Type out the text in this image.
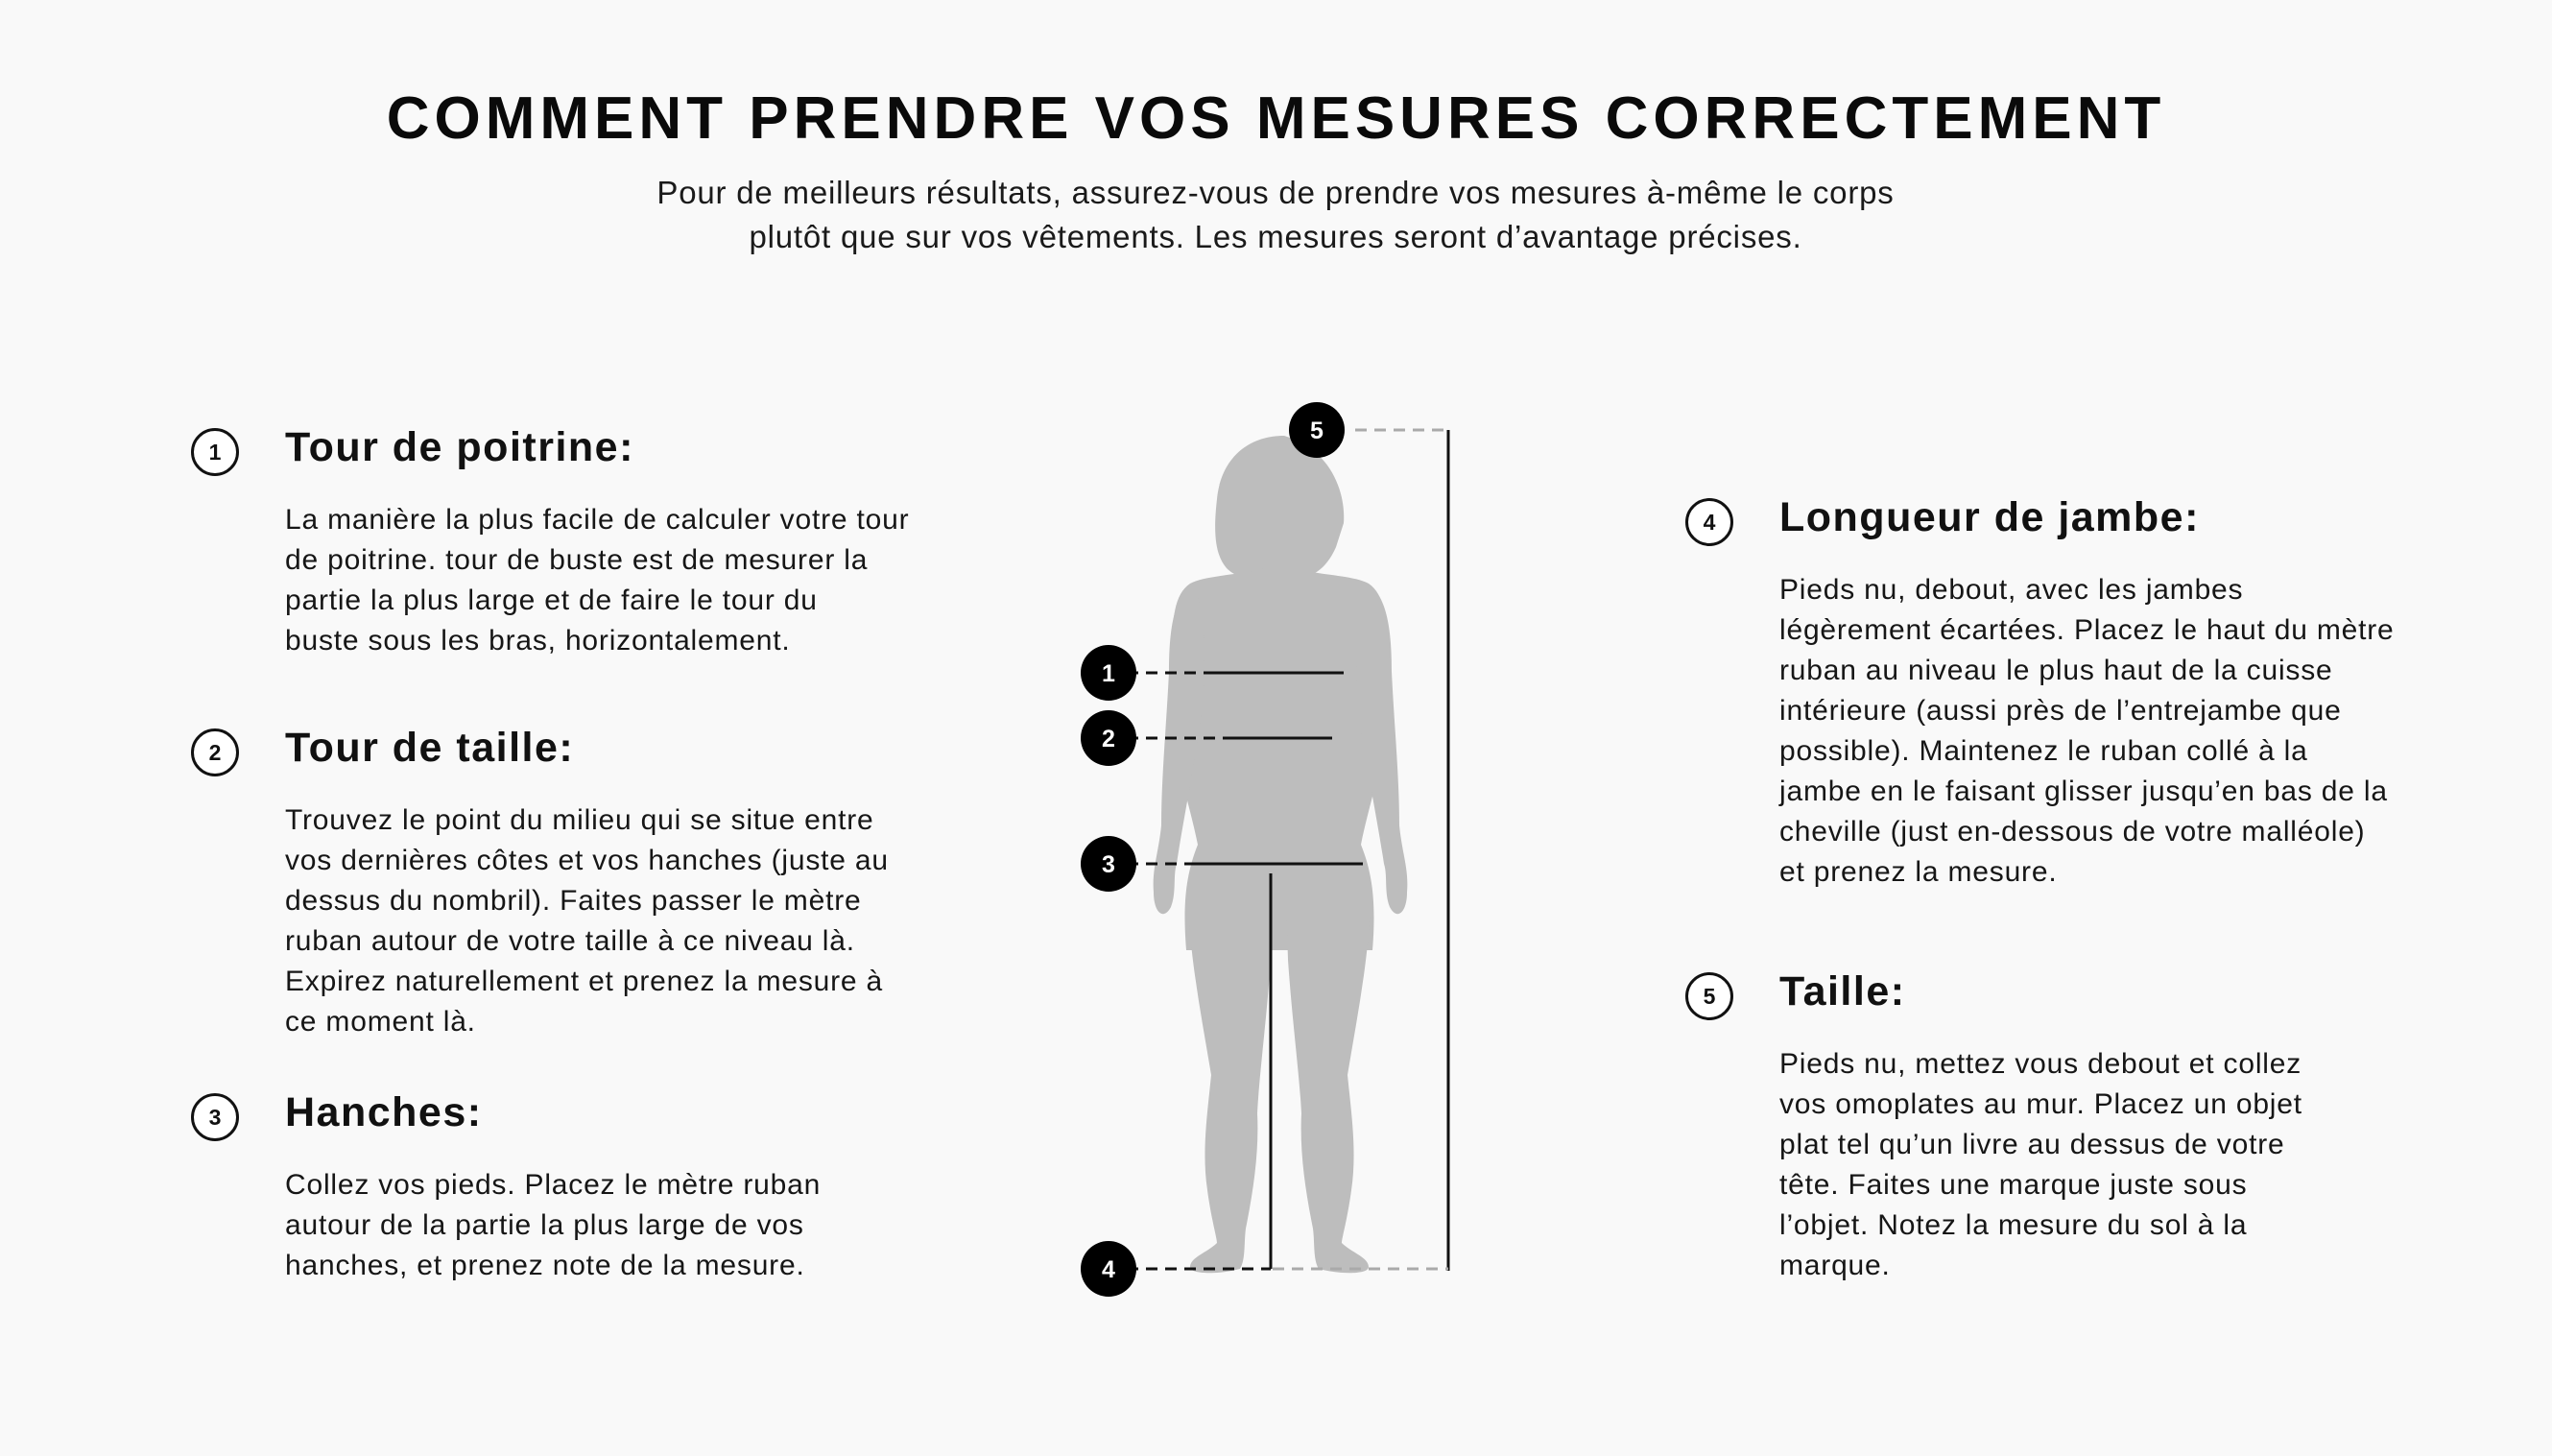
COMMENT PRENDRE VOS MESURES CORRECTEMENT

Pour de meilleurs résultats, assurez-vous de prendre vos mesures à-même le corps
plutôt que sur vos vêtements. Les mesures seront d’avantage précises.

1	Tour de poitrine:

La manière la plus facile de calculer votre tour
de poitrine. tour de buste est de mesurer la
partie la plus large et de faire le tour du
buste sous les bras, horizontalement.

2	Tour de taille:

Trouvez le point du milieu qui se situe entre
vos dernières côtes et vos hanches (juste au
dessus du nombril). Faites passer le mètre
ruban autour de votre taille à ce niveau là.
Expirez naturellement et prenez la mesure à
ce moment là.

3	Hanches:

Collez vos pieds. Placez le mètre ruban
autour de la partie la plus large de vos
hanches, et prenez note de la mesure.

4	Longueur de jambe:

Pieds nu, debout, avec les jambes
légèrement écartées. Placez le haut du mètre
ruban au niveau le plus haut de la cuisse
intérieure (aussi près de l’entrejambe que
possible). Maintenez le ruban collé à la
jambe en le faisant glisser jusqu’en bas de la
cheville (just en-dessous de votre malléole)
et prenez la mesure.

5	Taille:

Pieds nu, mettez vous debout et collez
vos omoplates au mur. Placez un objet
plat tel qu’un livre au dessus de votre
tête. Faites une marque juste sous
l’objet. Notez la mesure du sol à la
marque.

1
2
3
4
5
